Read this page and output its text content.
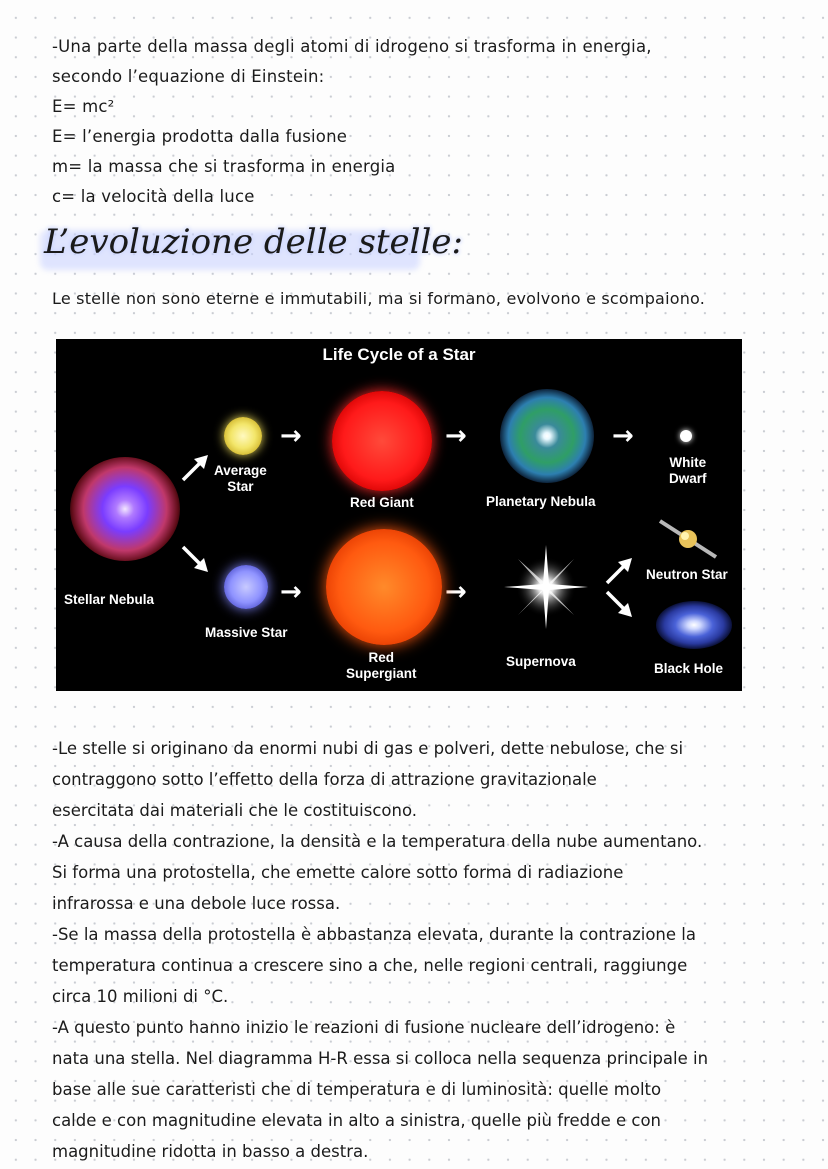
-Una parte della massa degli atomi di idrogeno si trasforma in energia,
secondo l’equazione di Einstein:
E= mc²
E= l’energia prodotta dalla fusione
m= la massa che si trasforma in energia
c= la velocità della luce
L’evoluzione delle stelle:
Le stelle non sono eterne e immutabili, ma si formano, evolvono e scompaiono.
Life Cycle of a Star
Stellar Nebula
Average
Star
Massive Star
→
→
→
→
→
Red Giant
Red
Supergiant
Planetary Nebula
Supernova
White
Dwarf
Neutron Star
Black Hole
-Le stelle si originano da enormi nubi di gas e polveri, dette nebulose, che si
contraggono sotto l’effetto della forza di attrazione gravitazionale
esercitata dai materiali che le costituiscono.
-A causa della contrazione, la densità e la temperatura della nube aumentano.
Si forma una protostella, che emette calore sotto forma di radiazione
infrarossa e una debole luce rossa.
-Se la massa della protostella è abbastanza elevata, durante la contrazione la
temperatura continua a crescere sino a che, nelle regioni centrali, raggiunge
circa 10 milioni di °C.
-A questo punto hanno inizio le reazioni di fusione nucleare dell’idrogeno: è
nata una stella. Nel diagramma H-R essa si colloca nella sequenza principale in
base alle sue caratteristi che di temperatura e di luminosità: quelle molto
calde e con magnitudine elevata in alto a sinistra, quelle più fredde e con
magnitudine ridotta in basso a destra.
